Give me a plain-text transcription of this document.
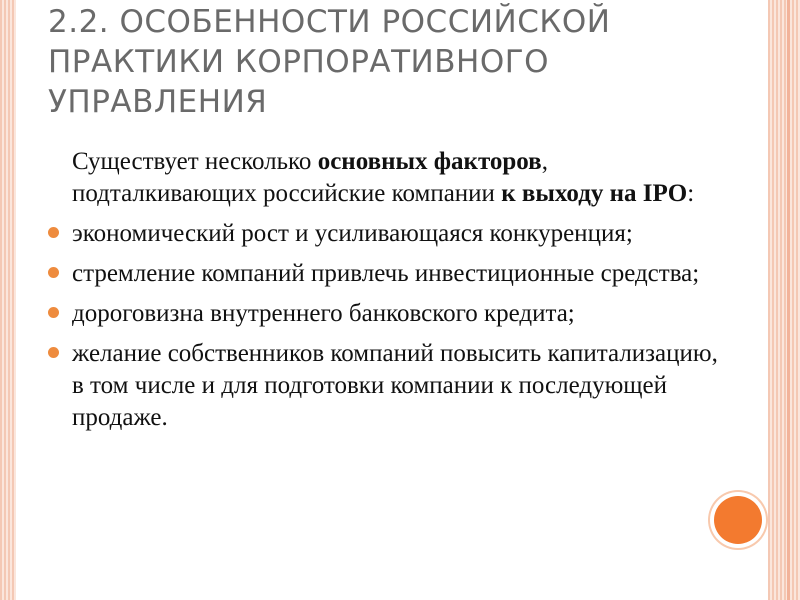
2.2. ОСОБЕННОСТИ РОССИЙСКОЙ ПРАКТИКИ КОРПОРАТИВНОГО УПРАВЛЕНИЯ
Существует несколько основных факторов, подталкивающих российские компании к выходу на IPO:
экономический рост и усиливающаяся конкуренция;
стремление компаний привлечь инвестиционные средства;
дороговизна внутреннего банковского кредита;
желание собственников компаний повысить капитализацию, в том числе и для подготовки компании к последующей продаже.
